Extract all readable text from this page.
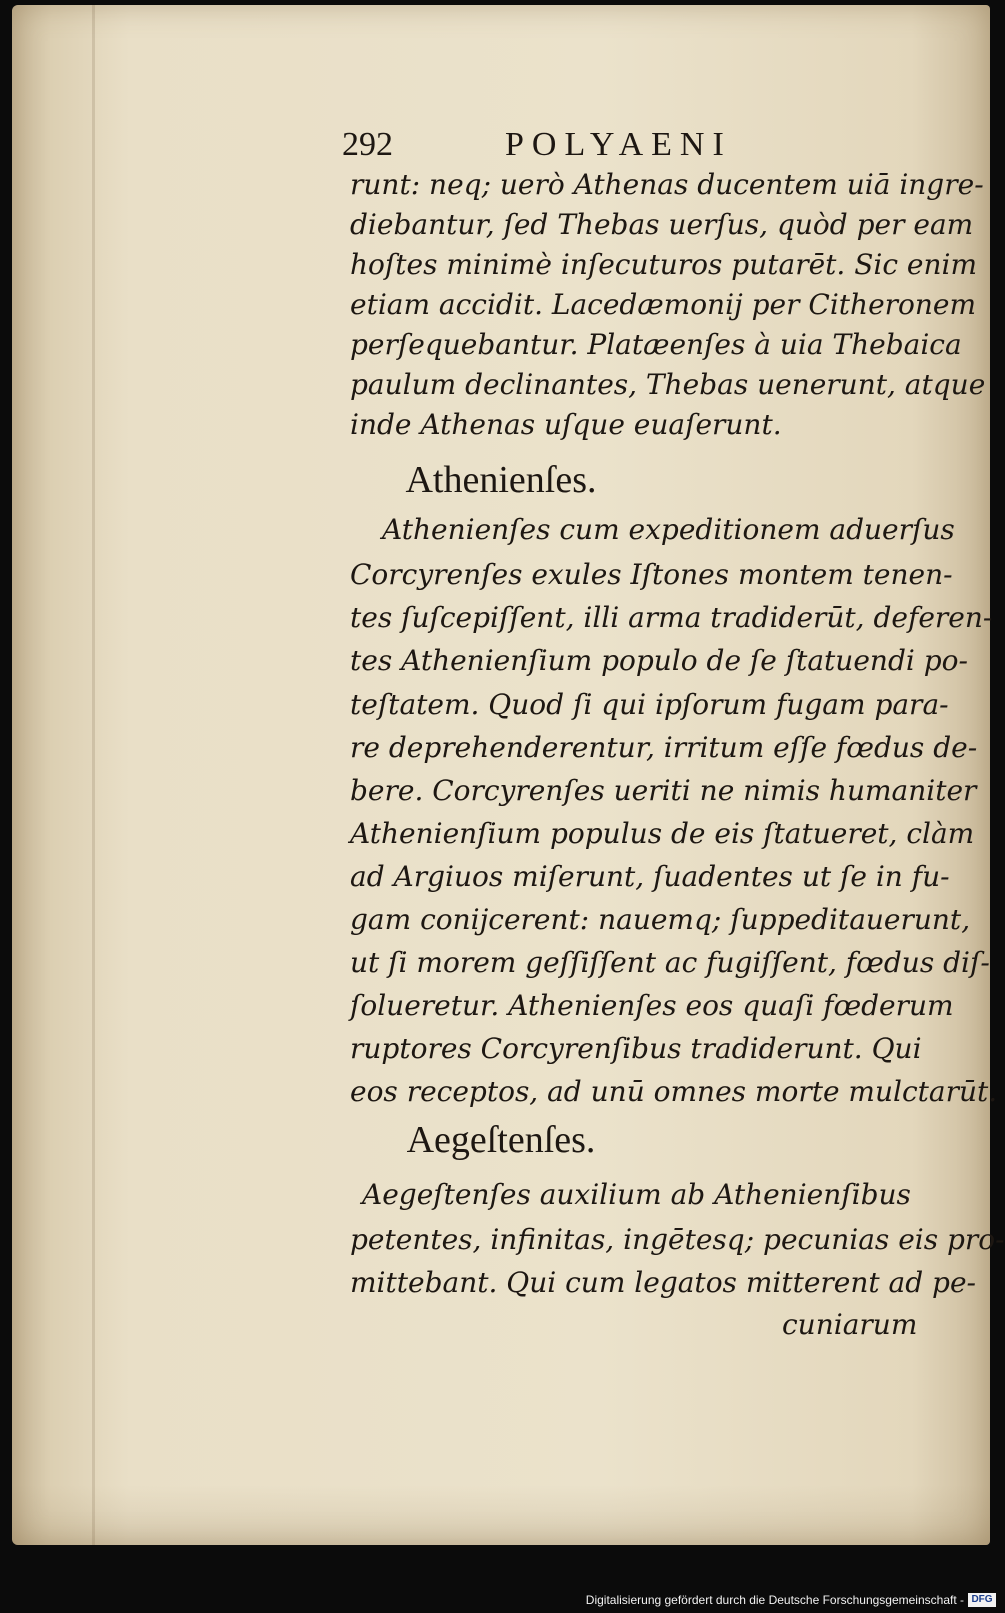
292	POLYAENI
runt: neq; uerò Athenas ducentem uiā ingre-
diebantur, ſed Thebas uerſus, quòd per eam
hoſtes minimè inſecuturos putarēt. Sic enim
etiam accidit. Lacedæmonij per Citheronem
perſequebantur. Platæenſes à uia Thebaica
paulum declinantes, Thebas uenerunt, atque
inde Athenas uſque euaſerunt.
Athenienſes.
Athenienſes cum expeditionem aduerſus
Corcyrenſes exules Iſtones montem tenen-
tes ſuſcepiſſent, illi arma tradiderūt, deferen-
tes Athenienſium populo de ſe ſtatuendi po-
teſtatem. Quod ſi qui ipſorum fugam para-
re deprehenderentur, irritum eſſe fœdus de-
bere. Corcyrenſes ueriti ne nimis humaniter
Athenienſium populus de eis ſtatueret, clàm
ad Argiuos miſerunt, ſuadentes ut ſe in fu-
gam conijcerent: nauemq; ſuppeditauerunt,
ut ſi morem geſſiſſent ac fugiſſent, fœdus diſ-
ſolueretur. Athenienſes eos quaſi fœderum
ruptores Corcyrenſibus tradiderunt. Qui
eos receptos, ad unū omnes morte mulctarūt.
Aegeſtenſes.
Aegeſtenſes auxilium ab Athenienſibus
petentes, infinitas, ingētesq; pecunias eis pro-
mittebant. Qui cum legatos mitterent ad pe-
cuniarum
Digitalisierung gefördert durch die Deutsche Forschungsgemeinschaft - DFG
